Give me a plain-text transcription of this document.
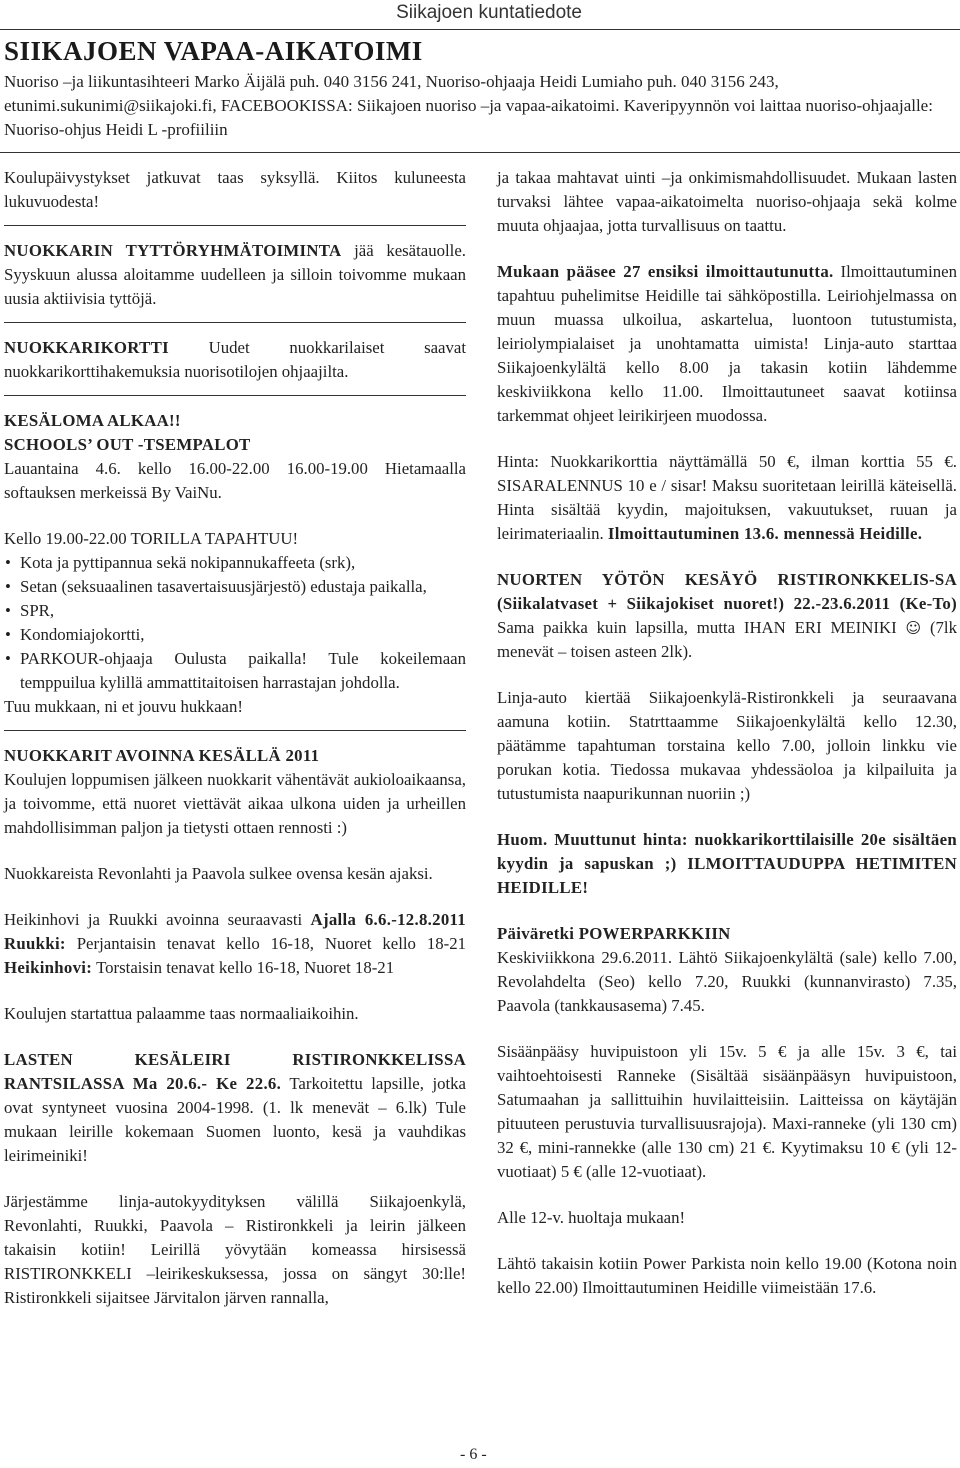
Siikajoen kuntatiedote
SIIKAJOEN VAPAA-AIKATOIMI
Nuoriso –ja liikuntasihteeri Marko Äijälä puh. 040 3156 241, Nuoriso-ohjaaja Heidi Lumiaho puh. 040 3156 243, etunimi.sukunimi@siikajoki.fi, FACEBOOKISSA: Siikajoen nuoriso –ja vapaa-aikatoimi. Kaveripyynnön voi laittaa nuoriso-ohjaajalle: Nuoriso-ohjus Heidi L -profiiliin

Koulupäivystykset jatkuvat taas syksyllä. Kiitos kuluneesta lukuvuodesta!

NUOKKARIN TYTTÖRYHMÄTOIMINTA jää kesätauolle. Syyskuun alussa aloitamme uudelleen ja silloin toivomme mukaan uusia aktiivisia tyttöjä.

NUOKKARIKORTTI Uudet nuokkarilaiset saavat nuokkarikorttihakemuksia nuorisotilojen ohjaajilta.

KESÄLOMA ALKAA!!

SCHOOLS’ OUT -TSEMPALOT

Lauantaina 4.6. kello 16.00-22.00 16.00-19.00 Hietamaalla softauksen merkeissä By VaiNu.

Kello 19.00-22.00 TORILLA TAPAHTUU!

• Kota ja pyttipannua sekä nokipannukaffeeta (srk),
• Setan (seksuaalinen tasavertaisuusjärjestö) edustaja paikalla,
• SPR,
• Kondomiajokortti,
• PARKOUR-ohjaaja Oulusta paikalla! Tule kokeilemaan temppuilua kylillä ammattitaitoisen harrastajan johdolla.

Tuu mukkaan, ni et jouvu hukkaan!

NUOKKARIT AVOINNA KESÄLLÄ 2011

Koulujen loppumisen jälkeen nuokkarit vähentävät aukioloaikaansa, ja toivomme, että nuoret viettävät aikaa ulkona uiden ja urheillen mahdollisimman paljon ja tietysti ottaen rennosti :)

Nuokkareista Revonlahti ja Paavola sulkee ovensa kesän ajaksi.

Heikinhovi ja Ruukki avoinna seuraavasti Ajalla 6.6.-12.8.2011 Ruukki: Perjantaisin tenavat kello 16-18, Nuoret kello 18-21 Heikinhovi: Torstaisin tenavat kello 16-18, Nuoret 18-21

Koulujen startattua palaamme taas normaaliaikoihin.

LASTEN KESÄLEIRI RISTIRONKKELISSA RANTSILASSA Ma 20.6.- Ke 22.6. Tarkoitettu lapsille, jotka ovat syntyneet vuosina 2004-1998. (1. lk menevät – 6.lk) Tule mukaan leirille kokemaan Suomen luonto, kesä ja vauhdikas leirimeiniki!

Järjestämme linja-autokyydityksen välillä Siikajoenkylä, Revonlahti, Ruukki, Paavola – Ristironkkeli ja leirin jälkeen takaisin kotiin! Leirillä yövytään komeassa hirsisessä RISTIRONKKELI –leirikeskuksessa, jossa on sängyt 30:lle! Ristironkkeli sijaitsee Järvitalon järven rannalla,

ja takaa mahtavat uinti –ja onkimismahdollisuudet. Mukaan lasten turvaksi lähtee vapaa-aikatoimelta nuoriso-ohjaaja sekä kolme muuta ohjaajaa, jotta turvallisuus on taattu.

Mukaan pääsee 27 ensiksi ilmoittautunutta. Ilmoittautuminen tapahtuu puhelimitse Heidille tai sähköpostilla. Leiriohjelmassa on muun muassa ulkoilua, askartelua, luontoon tutustumista, leiriolympialaiset ja unohtamatta uimista! Linja-auto starttaa Siikajoenkylältä kello 8.00 ja takasin kotiin lähdemme keskiviikkona kello 11.00. Ilmoittautuneet saavat kotiinsa tarkemmat ohjeet leirikirjeen muodossa.

Hinta: Nuokkarikorttia näyttämällä 50 €, ilman korttia 55 €. SISARALENNUS 10 e / sisar! Maksu suoritetaan leirillä käteisellä. Hinta sisältää kyydin, majoituksen, vakuutukset, ruuan ja leirimateriaalin. Ilmoittautuminen 13.6. mennessä Heidille.

NUORTEN YÖTÖN KESÄYÖ RISTIRONKKELIS-SA (Siikalatvaset + Siikajokiset nuoret!) 22.-23.6.2011 (Ke-To) Sama paikka kuin lapsilla, mutta IHAN ERI MEINIKI ☺ (7lk menevät – toisen asteen 2lk).

Linja-auto kiertää Siikajoenkylä-Ristironkkeli ja seuraavana aamuna kotiin. Statrttaamme Siikajoenkylältä kello 12.30, päätämme tapahtuman torstaina kello 7.00, jolloin linkku vie porukan kotia. Tiedossa mukavaa yhdessäoloa ja kilpailuita ja tutustumista naapurikunnan nuoriin ;)

Huom. Muuttunut hinta: nuokkarikorttilaisille 20e sisältäen kyydin ja sapuskan ;) ILMOITTAUDUPPA HETIMITEN HEIDILLE!

Päiväretki POWERPARKKIIN

Keskiviikkona 29.6.2011. Lähtö Siikajoenkylältä (sale) kello 7.00, Revolahdelta (Seo) kello 7.20, Ruukki (kunnanvirasto) 7.35, Paavola (tankkausasema) 7.45.

Sisäänpääsy huvipuistoon yli 15v. 5 € ja alle 15v. 3 €, tai vaihtoehtoisesti Ranneke (Sisältää sisäänpääsyn huvipuistoon, Satumaahan ja sallittuihin huvilaitteisiin. Laitteissa on käytäjän pituuteen perustuvia turvallisuusrajoja). Maxi-ranneke (yli 130 cm) 32 €, mini-rannekke (alle 130 cm) 21 €. Kyytimaksu 10 € (yli 12-vuotiaat) 5 € (alle 12-vuotiaat).

Alle 12-v. huoltaja mukaan!

Lähtö takaisin kotiin Power Parkista noin kello 19.00 (Kotona noin kello 22.00) Ilmoittautuminen Heidille viimeistään 17.6.

- 6 -
